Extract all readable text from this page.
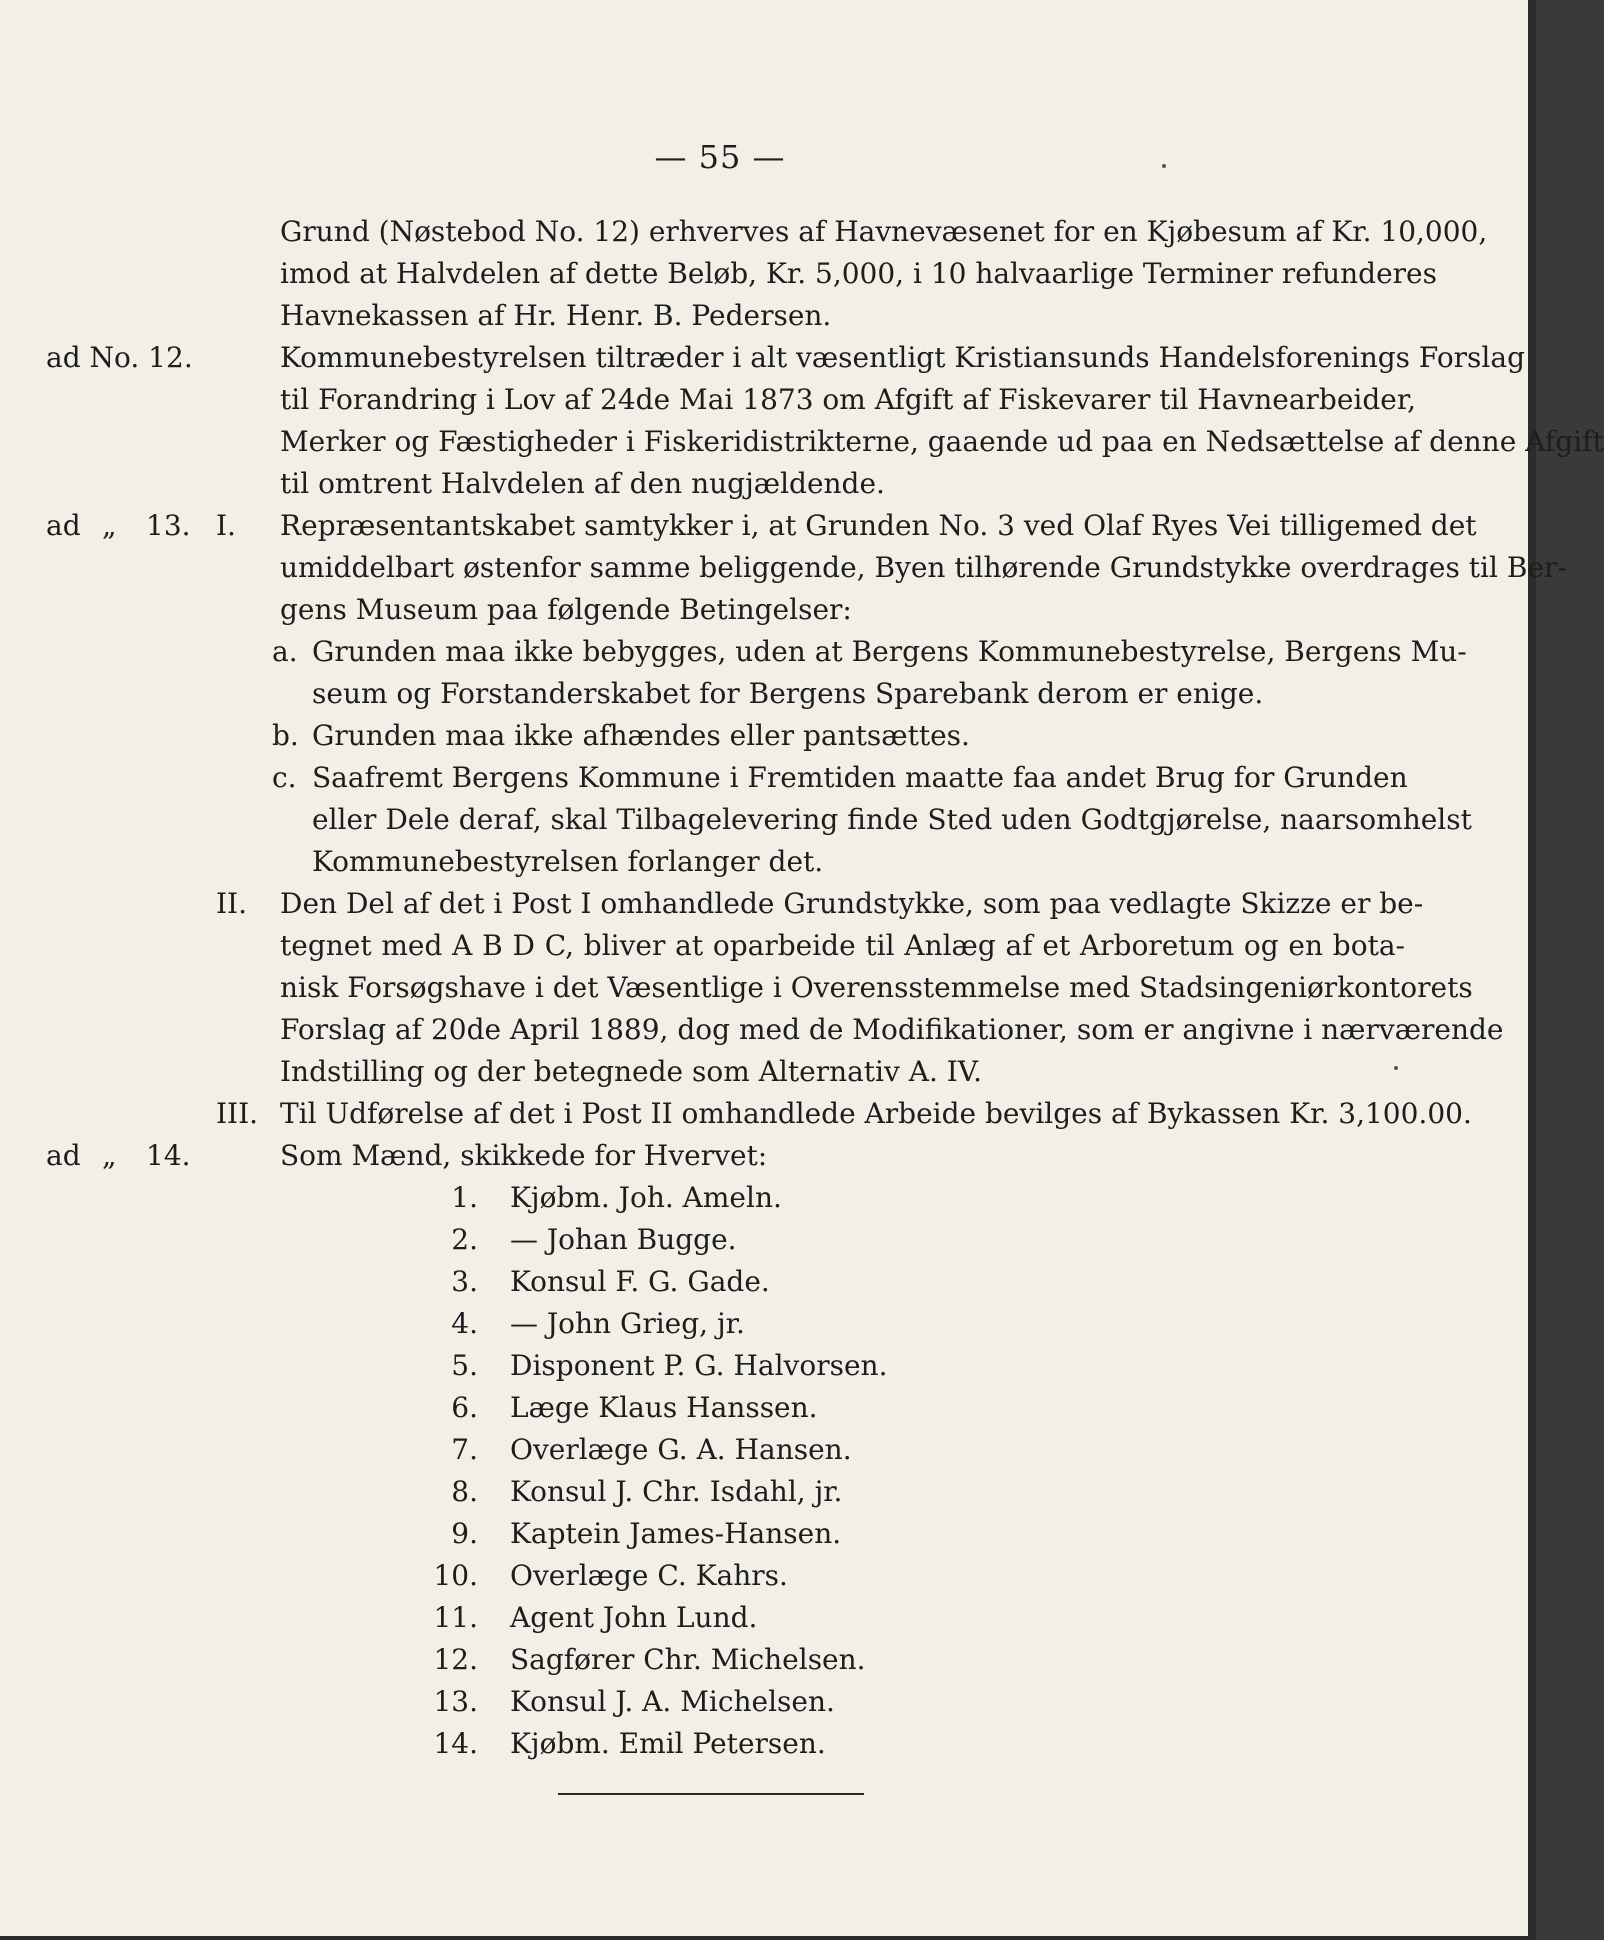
— 55 —
Grund (Nøstebod No. 12) erhverves af Havnevæsenet for en Kjøbesum af Kr. 10,000,
imod at Halvdelen af dette Beløb, Kr. 5,000, i 10 halvaarlige Terminer refunderes
Havnekassen af Hr. Henr. B. Pedersen.
ad No. 12.	Kommunebestyrelsen tiltræder i alt væsentligt Kristiansunds Handelsforenings Forslag
til Forandring i Lov af 24de Mai 1873 om Afgift af Fiskevarer til Havnearbeider,
Merker og Fæstigheder i Fiskeridistrikterne, gaaende ud paa en Nedsættelse af denne Afgift
til omtrent Halvdelen af den nugjældende.
ad „ 13. I. Repræsentantskabet samtykker i, at Grunden No. 3 ved Olaf Ryes Vei tilligemed det
umiddelbart østenfor samme beliggende, Byen tilhørende Grundstykke overdrages til Ber-
gens Museum paa følgende Betingelser:
a. Grunden maa ikke bebygges, uden at Bergens Kommunebestyrelse, Bergens Mu-
seum og Forstanderskabet for Bergens Sparebank derom er enige.
b. Grunden maa ikke afhændes eller pantsættes.
c. Saafremt Bergens Kommune i Fremtiden maatte faa andet Brug for Grunden
eller Dele deraf, skal Tilbagelevering finde Sted uden Godtgjørelse, naarsomhelst
Kommunebestyrelsen forlanger det.
II. Den Del af det i Post I omhandlede Grundstykke, som paa vedlagte Skizze er be-
tegnet med A B D C, bliver at oparbeide til Anlæg af et Arboretum og en bota-
nisk Forsøgshave i det Væsentlige i Overensstemmelse med Stadsingeniørkontorets
Forslag af 20de April 1889, dog med de Modifikationer, som er angivne i nærværende
Indstilling og der betegnede som Alternativ A. IV.
III. Til Udførelse af det i Post II omhandlede Arbeide bevilges af Bykassen Kr. 3,100.00.
ad „ 14.	Som Mænd, skikkede for Hvervet:
1. Kjøbm. Joh. Ameln.
2. — Johan Bugge.
3. Konsul F. G. Gade.
4. — John Grieg, jr.
5. Disponent P. G. Halvorsen.
6. Læge Klaus Hanssen.
7. Overlæge G. A. Hansen.
8. Konsul J. Chr. Isdahl, jr.
9. Kaptein James-Hansen.
10. Overlæge C. Kahrs.
11. Agent John Lund.
12. Sagfører Chr. Michelsen.
13. Konsul J. A. Michelsen.
14. Kjøbm. Emil Petersen.
